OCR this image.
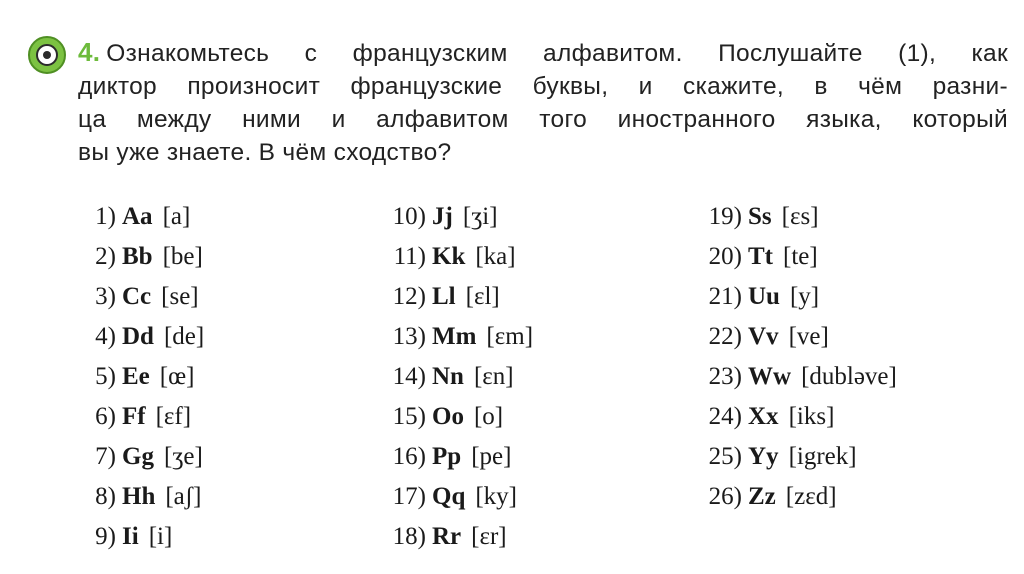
4. Ознакомьтесь с французским алфавитом. Послушайте (1), как
диктор произносит французские буквы, и скажите, в чём разни-
ца между ними и алфавитом того иностранного языка, который
вы уже знаете. В чём сходство?
1) Aa [a]
2) Bb [be]
3) Cc [se]
4) Dd [de]
5) Ee [œ]
6) Ff [ɛf]
7) Gg [ʒe]
8) Hh [aʃ]
9) Ii [i]
10) Jj [ʒi]
11) Kk [ka]
12) Ll [ɛl]
13) Mm [ɛm]
14) Nn [ɛn]
15) Oo [o]
16) Pp [pe]
17) Qq [ky]
18) Rr [ɛr]
19) Ss [ɛs]
20) Tt [te]
21) Uu [y]
22) Vv [ve]
23) Ww [dubləve]
24) Xx [iks]
25) Yy [igrek]
26) Zz [zɛd]
